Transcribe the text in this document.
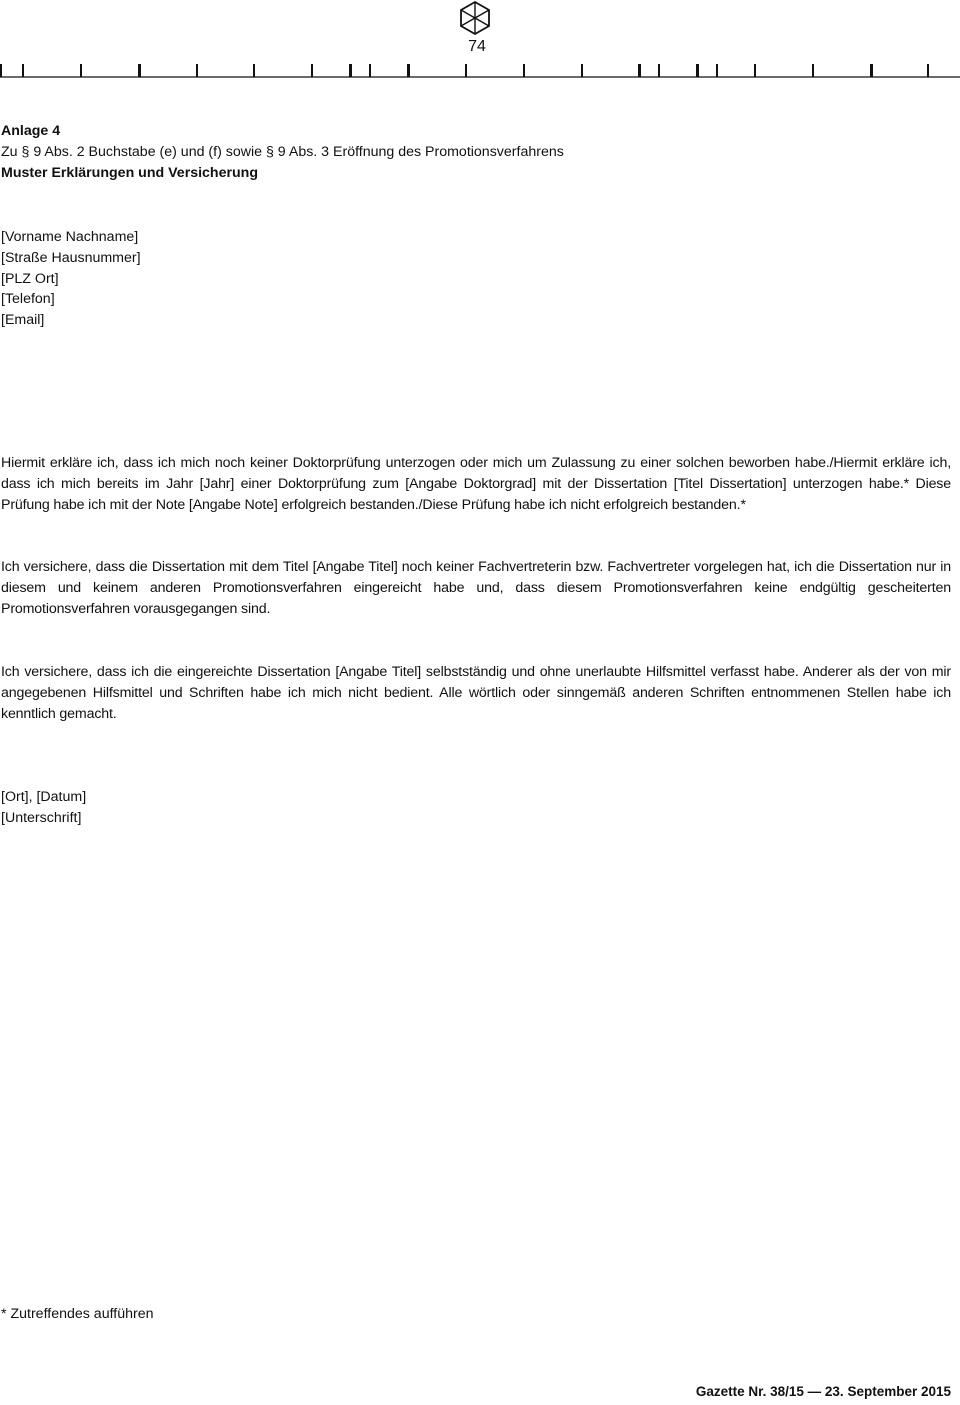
74

Anlage 4

Zu § 9 Abs. 2 Buchstabe (e) und (f) sowie § 9 Abs. 3 Eröffnung des Promotionsverfahrens

Muster Erklärungen und Versicherung

[Vorname Nachname]

[Straße Hausnummer]

[PLZ Ort]

[Telefon]

[Email]

Hiermit erkläre ich, dass ich mich noch keiner Doktorprüfung unterzogen oder mich um Zulassung zu einer solchen beworben habe./Hiermit erkläre ich, dass ich mich bereits im Jahr [Jahr] einer Doktorprüfung zum [Angabe Doktorgrad] mit der Dissertation [Titel Dissertation] unterzogen habe.* Diese Prüfung habe ich mit der Note [Angabe Note] erfolgreich bestanden./Diese Prüfung habe ich nicht erfolgreich bestanden.*
Ich versichere, dass die Dissertation mit dem Titel [Angabe Titel] noch keiner Fachvertreterin bzw. Fachvertreter vorgelegen hat, ich die Dissertation nur in diesem und keinem anderen Promotionsverfahren eingereicht habe und, dass diesem Promotionsverfahren keine endgültig gescheiterten Promotionsverfahren vorausgegangen sind.
Ich versichere, dass ich die eingereichte Dissertation [Angabe Titel] selbstständig und ohne unerlaubte Hilfsmittel verfasst habe. Anderer als der von mir angegebenen Hilfsmittel und Schriften habe ich mich nicht bedient. Alle wörtlich oder sinngemäß anderen Schriften entnommenen Stellen habe ich kenntlich gemacht.

[Ort], [Datum]

[Unterschrift]

* Zutreffendes aufführen
Gazette Nr. 38/15 — 23. September 2015
